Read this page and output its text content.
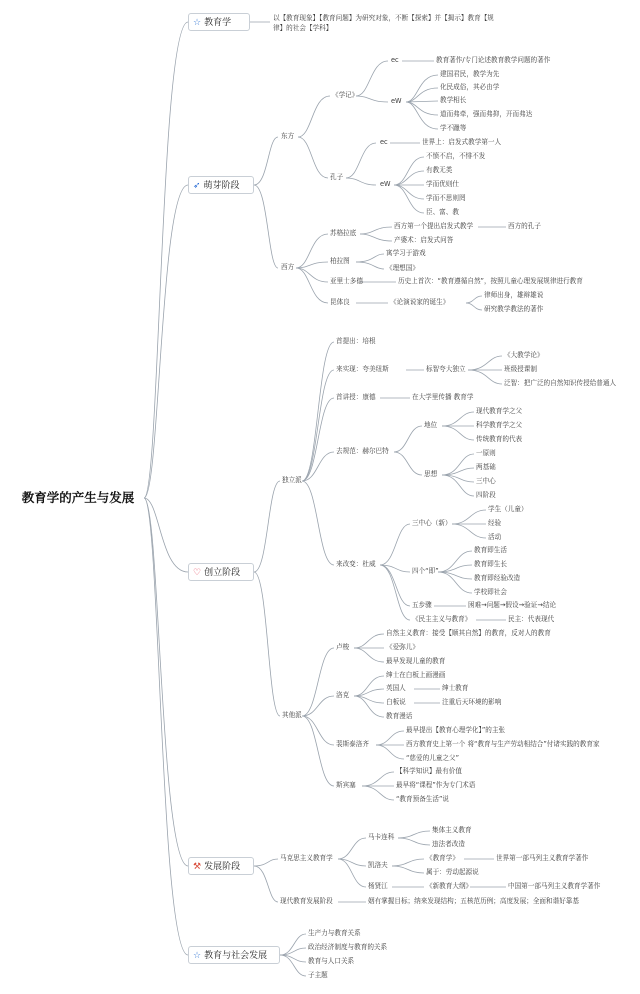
教育学的产生与发展
☆ 教育学
➶ 萌芽阶段
♡ 创立阶段
⚒ 发展阶段
☆ 教育与社会发展
以【教育现象】【教育问题】为研究对象，不断【探索】并【揭示】教育【规律】的社会【学科】
东方
《学记》
ec	教育著作/专门论述教育教学问题的著作
eW
建国君民，教学为先
化民成俗，其必由学
教学相长
道而弗牵，强而弗抑，开而弗达
学不躐等
孔子
ec	世界上：启发式教学第一人
eW
不愤不启，不悱不发
有教无类
学而优则仕
学而不思则罔
臣、富、教
西方
苏格拉底
西方第一个提出启发式教学	西方的孔子
产婆术：启发式问答
柏拉图
寓学习于游戏
《理想国》
亚里士多德	历史上首次：“教育遵循自然”，按照儿童心理发展规律进行教育
昆体良	《论演说家的诞生》
律师出身，雄辩雄说
研究教学教法的著作
独立派
首提出：培根
来实现：夸美纽斯	标智夸大独立
《大教学论》
班级授课制
泛智：把广泛的自然知识传授给普通人
首讲授：康德	在大学里传播 教育学
去规范：赫尔巴特
地位
现代教育学之父
科学教育学之父
传统教育的代表
思想
一原则
两基础
三中心
四阶段
来改变：杜威
三中心（新）
学生（儿童）
经验
活动
四个“即”
教育即生活
教育即生长
教育即经验改造
学校即社会
五步骤	困难→问题→假设→验证→结论
《民主主义与教育》	民主：代表现代
其他派
卢梭
自然主义教育：接受【顺其自然】的教育，反对人的教育
《爱弥儿》
最早发现儿童的教育
洛克
绅士在白板上画漫画
英国人	绅士教育
白板说	注重后天环境的影响
教育漫话
裴斯泰洛齐
最早提出【教育心理学化】”的主张
西方教育史上第一个 将“教育与生产劳动相结合”付诸实践的教育家
“慈爱的儿童之父”
斯宾塞
【科学知识】最有价值
最早将“课程”作为专门术语
“教育预备生活”说
马克思主义教育学
马卡连科
集体主义教育
违法者改造
凯洛夫
《教育学》	世界第一部马列主义教育学著作
属于：劳动起源说
杨贤江	《新教育大纲》	中国第一部马列主义教育学著作
现代教育发展阶段	姻有掌握目标；纳来发现结构；五核范历例；高度发展；全面和谐好靠基
生产力与教育关系
政治经济制度与教育的关系
教育与人口关系
子主题
